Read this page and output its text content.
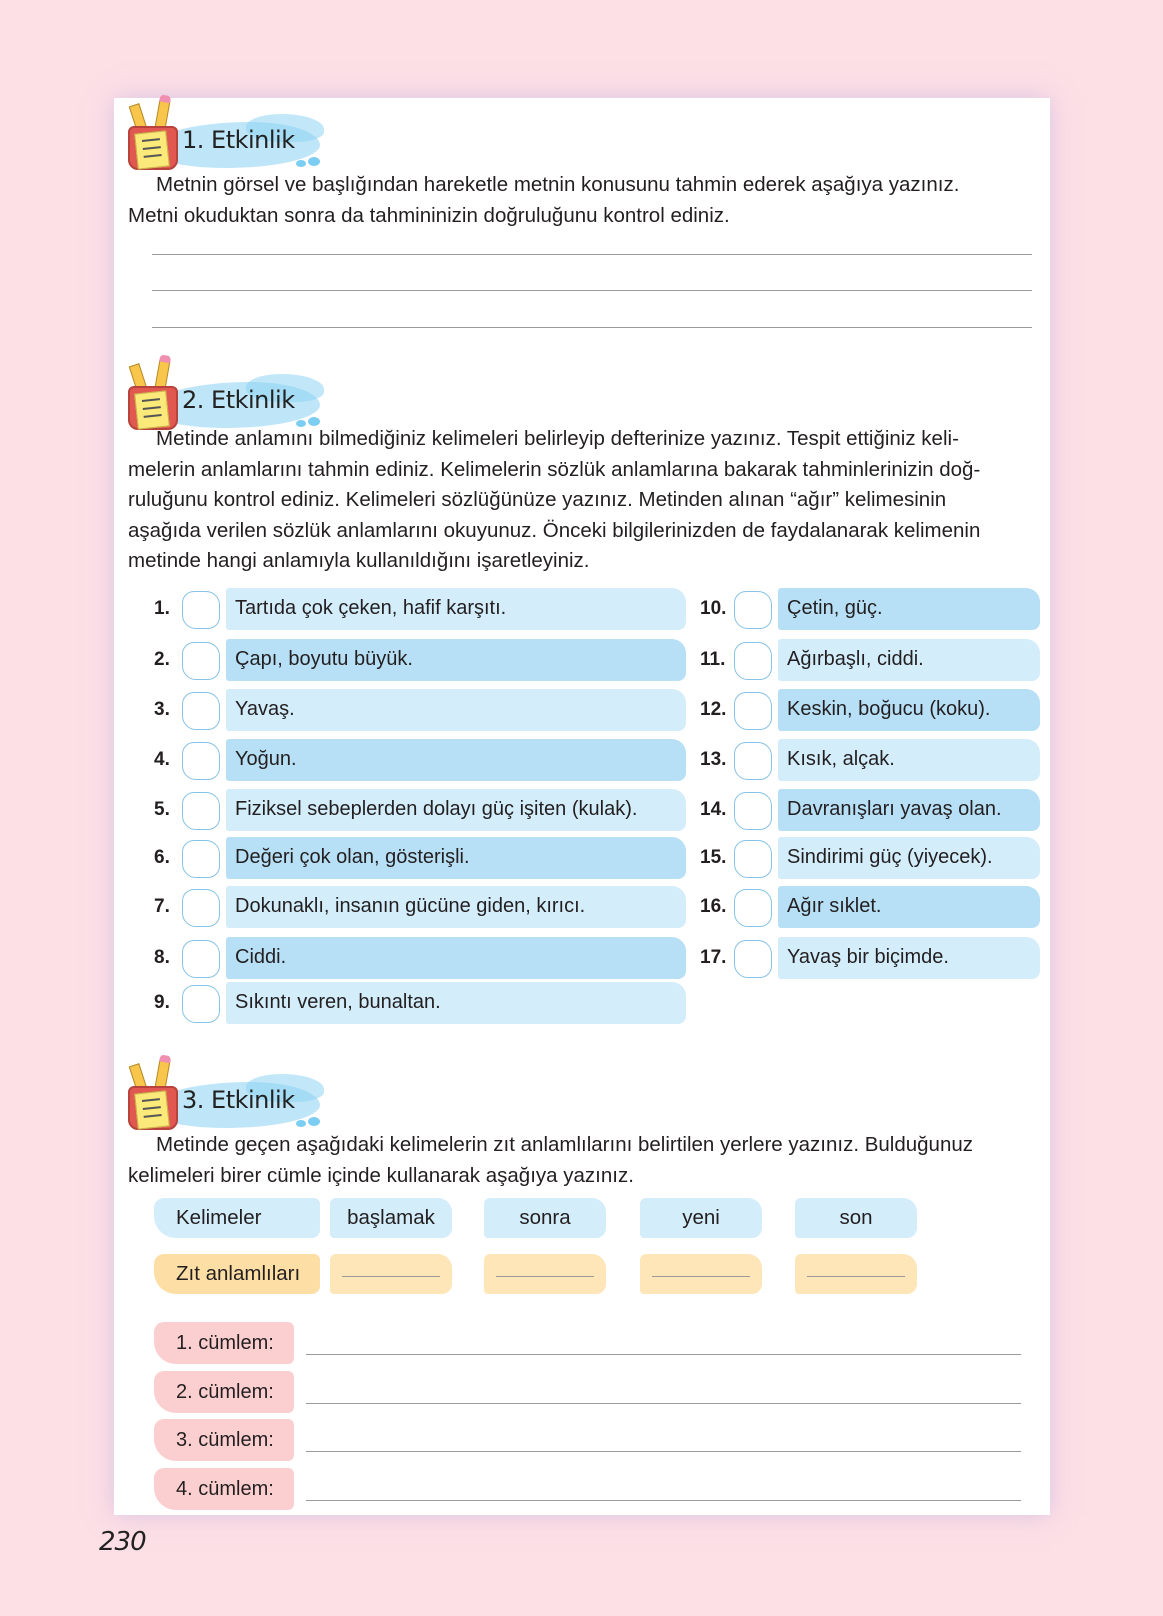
1. Etkinlik
Metnin görsel ve başlığından hareketle metnin konusunu tahmin ederek aşağıya yazınız.
Metni okuduktan sonra da tahmininizin doğruluğunu kontrol ediniz.
2. Etkinlik
Metinde anlamını bilmediğiniz kelimeleri belirleyip defterinize yazınız. Tespit ettiğiniz keli-
melerin anlamlarını tahmin ediniz. Kelimelerin sözlük anlamlarına bakarak tahminlerinizin doğ-
ruluğunu kontrol ediniz. Kelimeleri sözlüğünüze yazınız. Metinden alınan “ağır” kelimesinin
aşağıda verilen sözlük anlamlarını okuyunuz. Önceki bilgilerinizden de faydalanarak kelimenin
metinde hangi anlamıyla kullanıldığını işaretleyiniz.
1.	Tartıda çok çeken, hafif karşıtı.
2.	Çapı, boyutu büyük.
3.	Yavaş.
4.	Yoğun.
5.	Fiziksel sebeplerden dolayı güç işiten (kulak).
6.	Değeri çok olan, gösterişli.
7.	Dokunaklı, insanın gücüne giden, kırıcı.
8.	Ciddi.
9.	Sıkıntı veren, bunaltan.
10.	Çetin, güç.
11.	Ağırbaşlı, ciddi.
12.	Keskin, boğucu (koku).
13.	Kısık, alçak.
14.	Davranışları yavaş olan.
15.	Sindirimi güç (yiyecek).
16.	Ağır sıklet.
17.	Yavaş bir biçimde.
3. Etkinlik
Metinde geçen aşağıdaki kelimelerin zıt anlamlılarını belirtilen yerlere yazınız. Bulduğunuz
kelimeleri birer cümle içinde kullanarak aşağıya yazınız.
Kelimeler	başlamak	sonra	yeni	son
Zıt anlamlıları
1. cümlem:
2. cümlem:
3. cümlem:
4. cümlem:
230
